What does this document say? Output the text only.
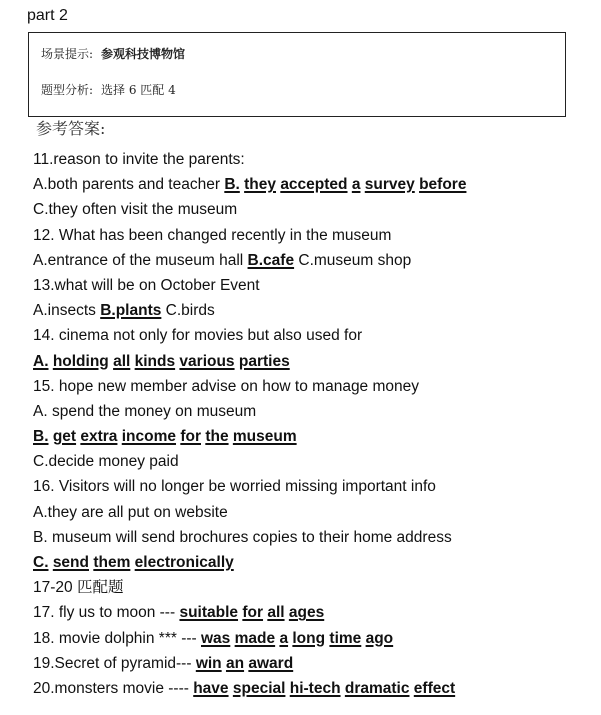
part 2
场景提示: 参观科技博物馆
题型分析: 选择 6 匹配 4
参考答案:
11.reason to invite the parents:
A.both parents and teacher B. they accepted a survey before
C.they often visit the museum
12. What has been changed recently in the museum
A.entrance of the museum hall B.cafe C.museum shop
13.what will be on October Event
A.insects B.plants C.birds
14. cinema not only for movies but also used for
A. holding all kinds various parties
15. hope new member advise on how to manage money
A. spend the money on museum
B. get extra income for the museum
C.decide money paid
16. Visitors will no longer be worried missing important info
A.they are all put on website
B. museum will send brochures copies to their home address
C. send them electronically
17-20 匹配题
17. fly us to moon --- suitable for all ages
18. movie dolphin *** --- was made a long time ago
19.Secret of pyramid--- win an award
20.monsters movie ---- have special hi-tech dramatic effect
